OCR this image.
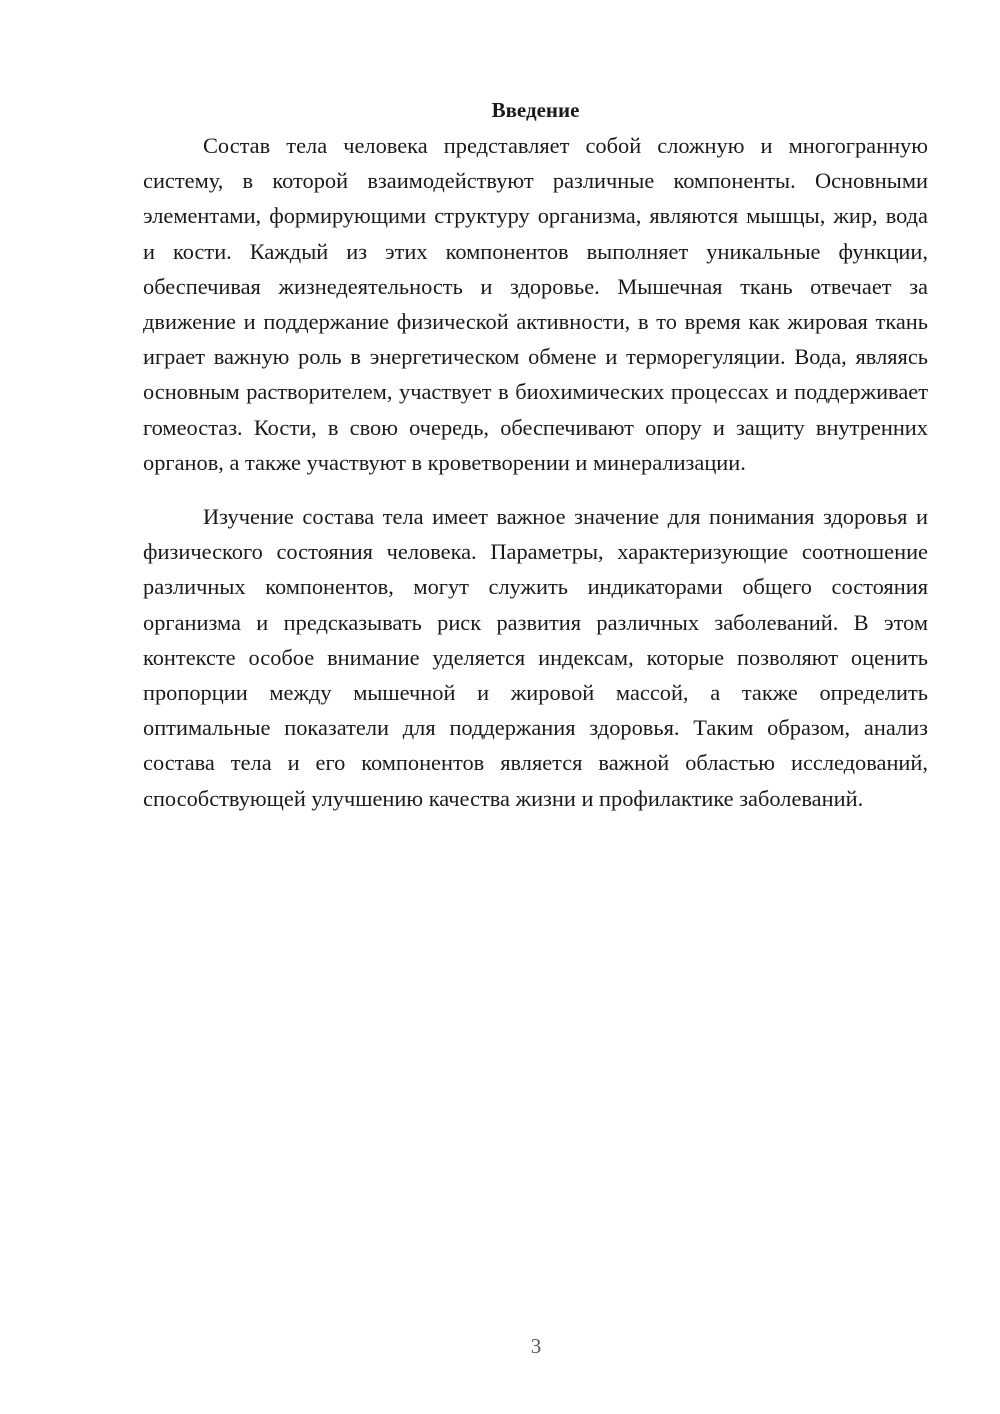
Введение

Состав тела человека представляет собой сложную и многогранную систему, в которой взаимодействуют различные компоненты. Основными элементами, формирующими структуру организма, являются мышцы, жир, вода и кости. Каждый из этих компонентов выполняет уникальные функции, обеспечивая жизнедеятельность и здоровье. Мышечная ткань отвечает за движение и поддержание физической активности, в то время как жировая ткань играет важную роль в энергетическом обмене и терморегуляции. Вода, являясь основным растворителем, участвует в биохимических процессах и поддерживает гомеостаз. Кости, в свою очередь, обеспечивают опору и защиту внутренних органов, а также участвуют в кроветворении и минерализации.

Изучение состава тела имеет важное значение для понимания здоровья и физического состояния человека. Параметры, характеризующие соотношение различных компонентов, могут служить индикаторами общего состояния организма и предсказывать риск развития различных заболеваний. В этом контексте особое внимание уделяется индексам, которые позволяют оценить пропорции между мышечной и жировой массой, а также определить оптимальные показатели для поддержания здоровья. Таким образом, анализ состава тела и его компонентов является важной областью исследований, способствующей улучшению качества жизни и профилактике заболеваний.

3
